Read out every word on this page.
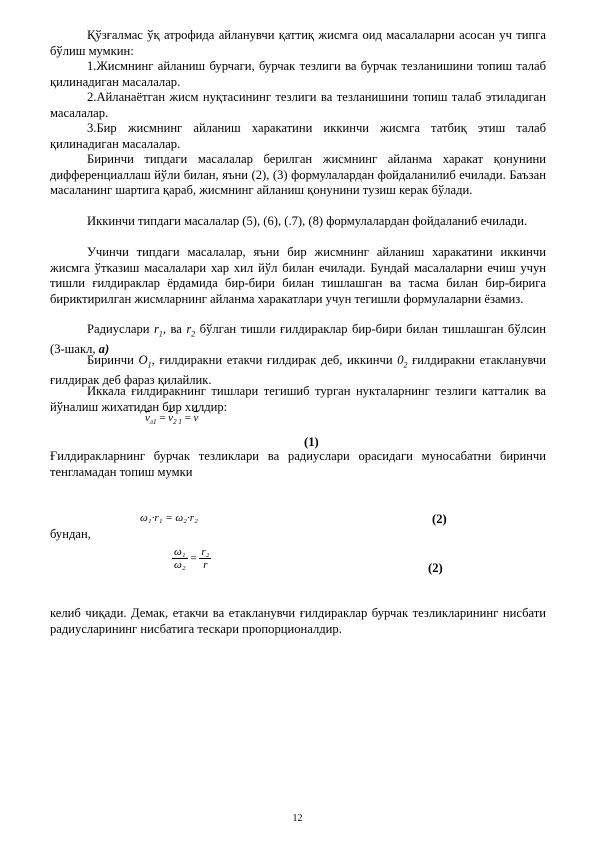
Қўзғалмас ўқ атрофида айланувчи қаттиқ жисмга оид масалаларни асосан уч типга бўлиш мумкин:
1.Жисмнинг айланиш бурчаги, бурчак тезлиги ва бурчак тезланишини топиш талаб қилинадиган масалалар.
2.Айланаётган жисм нуқтасининг тезлиги ва тезланишини топиш талаб этиладиган масалалар.
3.Бир жисмнинг айланиш харакатини иккинчи жисмга татбиқ этиш талаб қилинадиган масалалар.
Биринчи типдаги масалалар берилган жисмнинг айланма харакат қонунини дифференциаллаш йўли билан, яъни (2), (3) формулалардан фойдаланилиб ечилади. Баъзан масаланинг шартига қараб, жисмнинг айланиш қонунини тузиш керак бўлади.
Иккинчи типдаги масалалар (5), (6), (.7), (8) формулалардан фойдаланиб ечилади.
Учинчи типдаги масалалар, яъни бир жисмнинг айланиш харакатини иккинчи жисмга ўтказиш масалалари хар хил йўл билан ечилади. Бундай масалаларни ечиш учун тишли ғилдираклар ёрдамида бир-бири билан тишлашган ва тасма билан бир-бирига бириктирилган жисмларнинг айланма харакатлари учун тегишли формулаларни ёзамиз.
Радиуслари $r_1$, ва $r_2$ бўлган тишли ғилдираклар бир-бири билан тишлашган бўлсин (3-шакл, а)
Биринчи $О_1$, ғилдиракни етакчи ғилдирак деб, иккинчи $0_2$ ғилдиракни етакланувчи ғилдирак деб фараз қилайлик.
Иккала ғилдиракнинг тишлари тегишиб турган нукталарнинг тезлиги катталик ва йўналиш жихатидан бир хилдир:
$\overline{v}_{л1} = \overline{v}_{2 1} = \overline{v}$
(1)
Ғилдиракларнинг бурчак тезликлари ва радиуслари орасидаги муносабатни биринчи тенгламадан топиш мумки
ω₁·r₁ = ω₂·r₂	(2)
бундан,
$\frac{\text{ω₁}}{\text{ω₂}} = \frac{\text{r₂}}{r}$	(2)
келиб чиқади. Демак, етакчи ва етакланувчи ғилдираклар бурчак тезликларининг нисбати радиусларининг нисбатига тескари пропорционалдир.
12
